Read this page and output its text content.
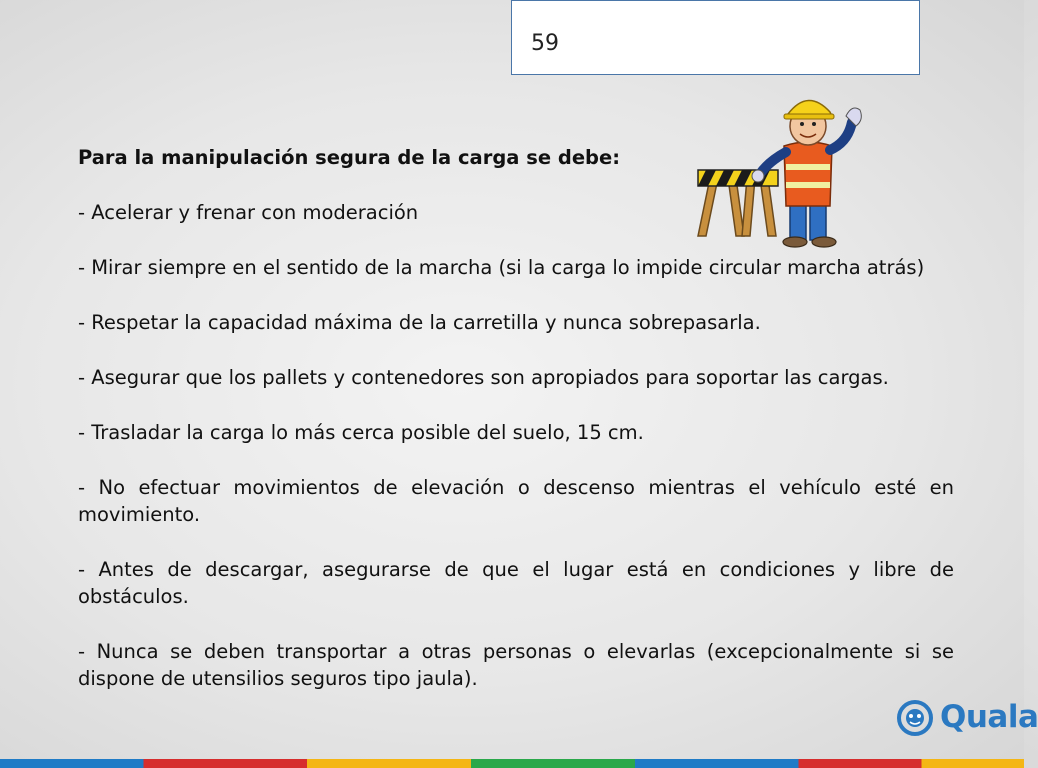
59

Para la manipulación segura de la carga se debe:

- Acelerar y frenar con moderación

- Mirar siempre en el sentido de la marcha (si la carga lo impide circular marcha atrás)

- Respetar la capacidad máxima de la carretilla y nunca sobrepasarla.

- Asegurar que los pallets y contenedores son apropiados para soportar las cargas.

- Trasladar la carga lo más cerca posible del suelo, 15 cm.

- No efectuar movimientos de elevación o descenso mientras el vehículo esté en movimiento.

- Antes de descargar, asegurarse de que el lugar está en condiciones y libre de obstáculos.

- Nunca se deben transportar a otras personas o elevarlas (excepcionalmente si se dispone de utensilios seguros tipo jaula).

Quala
